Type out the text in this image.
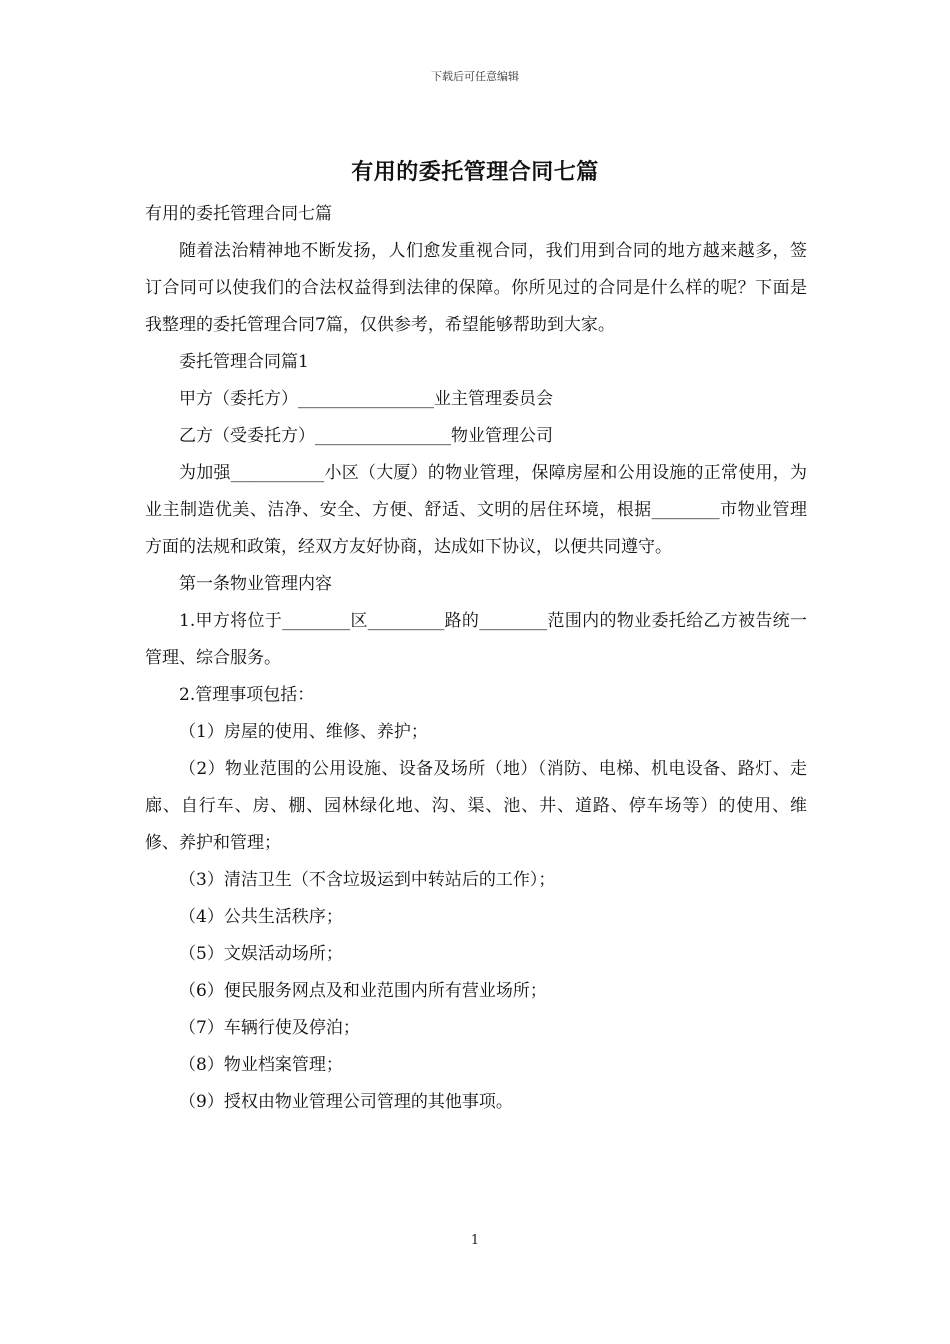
下载后可任意编辑
有用的委托管理合同七篇

有用的委托管理合同七篇

随着法治精神地不断发扬，人们愈发重视合同，我们用到合同的地方越来越多，签订合同可以使我们的合法权益得到法律的保障。你所见过的合同是什么样的呢？下面是我整理的委托管理合同7篇，仅供参考，希望能够帮助到大家。

委托管理合同篇1

甲方（委托方）________________业主管理委员会

乙方（受委托方）________________物业管理公司

为加强___________小区（大厦）的物业管理，保障房屋和公用设施的正常使用，为业主制造优美、洁净、安全、方便、舒适、文明的居住环境，根据________市物业管理方面的法规和政策，经双方友好协商，达成如下协议，以便共同遵守。

第一条物业管理内容

1.甲方将位于________区_________路的________范围内的物业委托给乙方被告统一管理、综合服务。

2.管理事项包括：

（1）房屋的使用、维修、养护；

（2）物业范围的公用设施、设备及场所（地）（消防、电梯、机电设备、路灯、走廊、自行车、房、棚、园林绿化地、沟、渠、池、井、道路、停车场等）的使用、维修、养护和管理；

（3）清洁卫生（不含垃圾运到中转站后的工作）；

（4）公共生活秩序；

（5）文娱活动场所；

（6）便民服务网点及和业范围内所有营业场所；

（7）车辆行使及停泊；

（8）物业档案管理；

（9）授权由物业管理公司管理的其他事项。

1
